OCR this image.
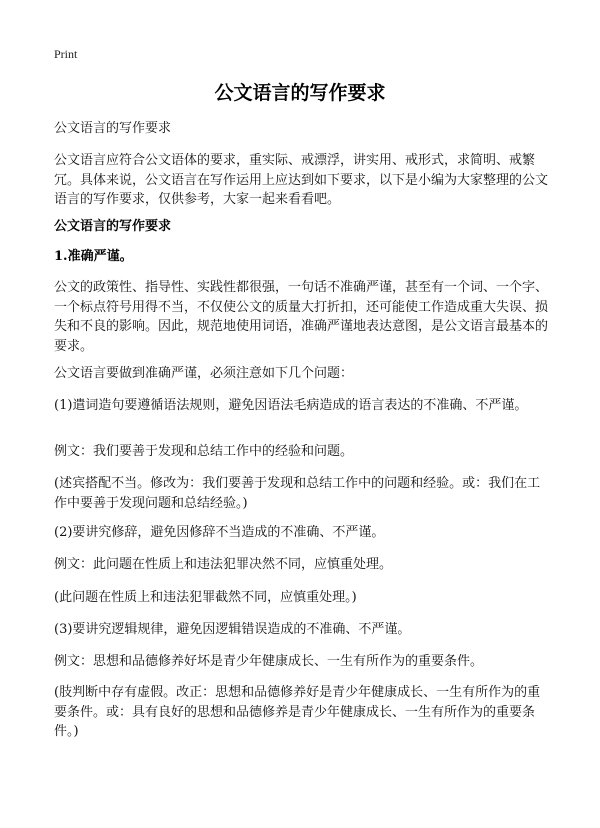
Print
公文语言的写作要求

公文语言的写作要求

公文语言应符合公文语体的要求，重实际、戒漂浮，讲实用、戒形式，求简明、戒繁冗。具体来说，公文语言在写作运用上应达到如下要求，以下是小编为大家整理的公文语言的写作要求，仅供参考，大家一起来看看吧。

公文语言的写作要求

1.准确严谨。

公文的政策性、指导性、实践性都很强，一句话不准确严谨，甚至有一个词、一个字、一个标点符号用得不当，不仅使公文的质量大打折扣，还可能使工作造成重大失误、损失和不良的影响。因此，规范地使用词语，准确严谨地表达意图，是公文语言最基本的要求。

公文语言要做到准确严谨，必须注意如下几个问题：

(1)遣词造句要遵循语法规则，避免因语法毛病造成的语言表达的不准确、不严谨。

例文：我们要善于发现和总结工作中的经验和问题。

(述宾搭配不当。修改为：我们要善于发现和总结工作中的问题和经验。或：我们在工作中要善于发现问题和总结经验。)

(2)要讲究修辞，避免因修辞不当造成的不准确、不严谨。

例文：此问题在性质上和违法犯罪决然不同，应慎重处理。

(此问题在性质上和违法犯罪截然不同，应慎重处理。)

(3)要讲究逻辑规律，避免因逻辑错误造成的不准确、不严谨。

例文：思想和品德修养好坏是青少年健康成长、一生有所作为的重要条件。

(肢判断中存有虚假。改正：思想和品德修养好是青少年健康成长、一生有所作为的重要条件。或：具有良好的思想和品德修养是青少年健康成长、一生有所作为的重要条件。)
